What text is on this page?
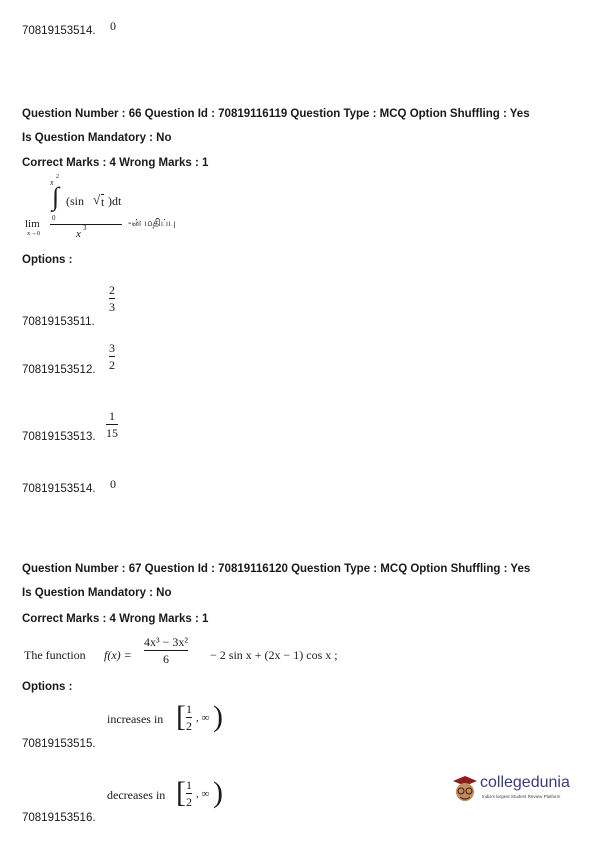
70819153514. 0
Question Number : 66 Question Id : 70819116119 Question Type : MCQ Option Shuffling : Yes
Is Question Mandatory : No
Correct Marks : 4 Wrong Marks : 1
x
2
∫ (sin √ t )dt
0
lim
x→0	x 3	-ன் மதிப்பு
Options :
70819153511.
2
3
70819153512.
3
2
70819153513.
1
15
70819153514. 0
Question Number : 67 Question Id : 70819116120 Question Type : MCQ Option Shuffling : Yes
Is Question Mandatory : No
Correct Marks : 4 Wrong Marks : 1
The function f(x) =
4x³ − 3x²
6	− 2 sin x + (2x − 1) cos x ;
Options :
increases in [ 1
2
, ∞ )
70819153515.
decreases in [ 1
2
, ∞ )
70819153516.
collegedunia
India's largest Student Review Platform
